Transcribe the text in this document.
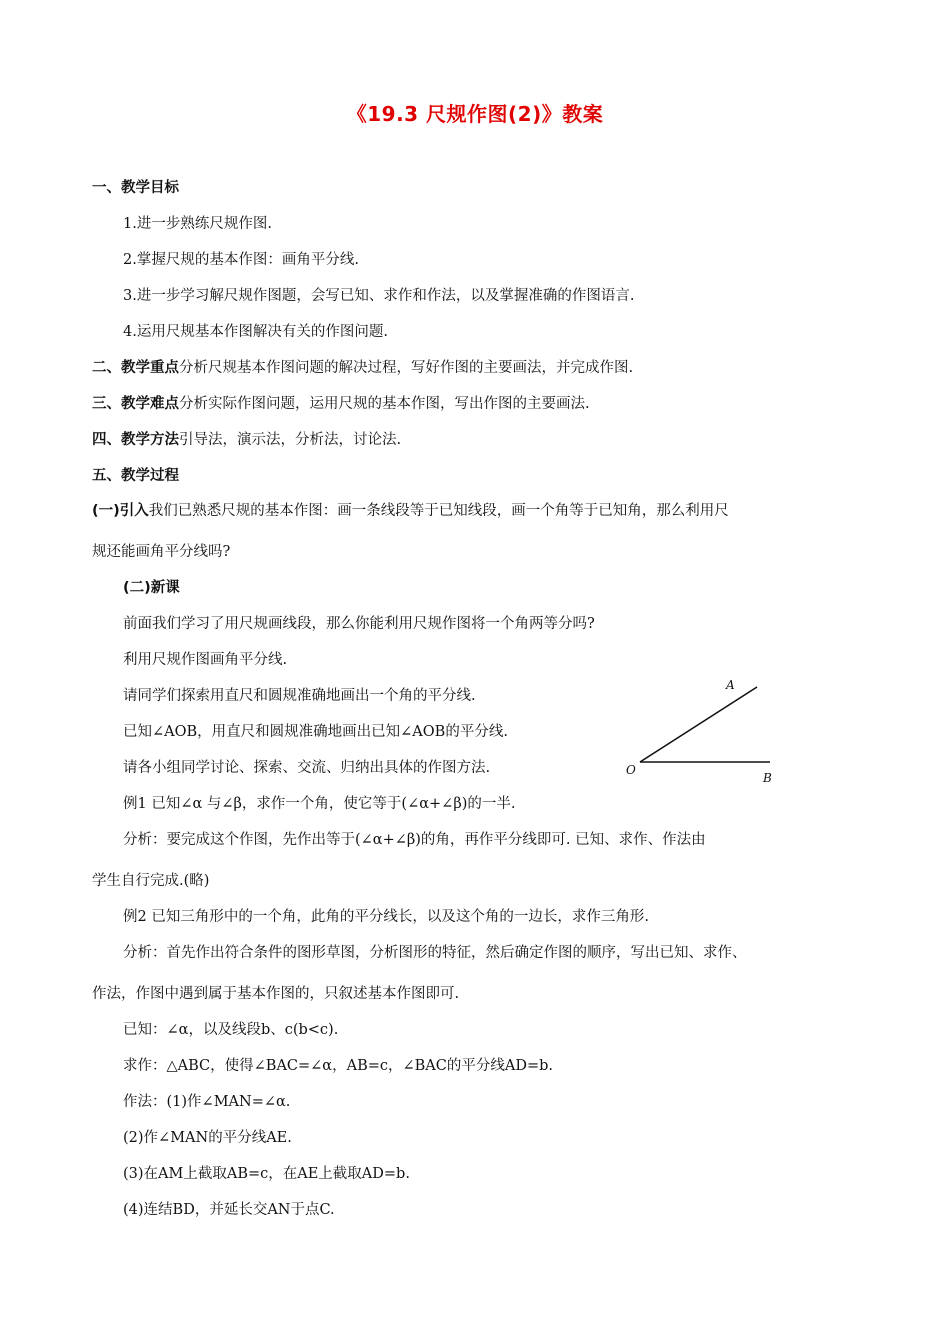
《19.3 尺规作图(2)》教案
一、教学目标
1.进一步熟练尺规作图.
2.掌握尺规的基本作图：画角平分线.
3.进一步学习解尺规作图题，会写已知、求作和作法，以及掌握准确的作图语言.
4.运用尺规基本作图解决有关的作图问题.
二、教学重点分析尺规基本作图问题的解决过程，写好作图的主要画法，并完成作图.
三、教学难点分析实际作图问题，运用尺规的基本作图，写出作图的主要画法.
四、教学方法引导法，演示法，分析法，讨论法.
五、教学过程
(一)引入我们已熟悉尺规的基本作图：画一条线段等于已知线段，画一个角等于已知角，那么利用尺
规还能画角平分线吗?
(二)新课
前面我们学习了用尺规画线段，那么你能利用尺规作图将一个角两等分吗?
利用尺规作图画角平分线.
请同学们探索用直尺和圆规准确地画出一个角的平分线.
已知∠AOB，用直尺和圆规准确地画出已知∠AOB的平分线.
请各小组同学讨论、探索、交流、归纳出具体的作图方法.
例1 已知∠α 与∠β，求作一个角，使它等于(∠α+∠β)的一半.
分析：要完成这个作图，先作出等于(∠α+∠β)的角，再作平分线即可. 已知、求作、作法由
学生自行完成.(略)
例2 已知三角形中的一个角，此角的平分线长，以及这个角的一边长，求作三角形.
分析：首先作出符合条件的图形草图，分析图形的特征，然后确定作图的顺序，写出已知、求作、
作法，作图中遇到属于基本作图的，只叙述基本作图即可.
已知：∠α，以及线段b、c(b<c).
求作：△ABC，使得∠BAC=∠α，AB=c，∠BAC的平分线AD=b.
作法：(1)作∠MAN=∠α.
(2)作∠MAN的平分线AE.
(3)在AM上截取AB=c，在AE上截取AD=b.
(4)连结BD，并延长交AN于点C.
A
O
B
